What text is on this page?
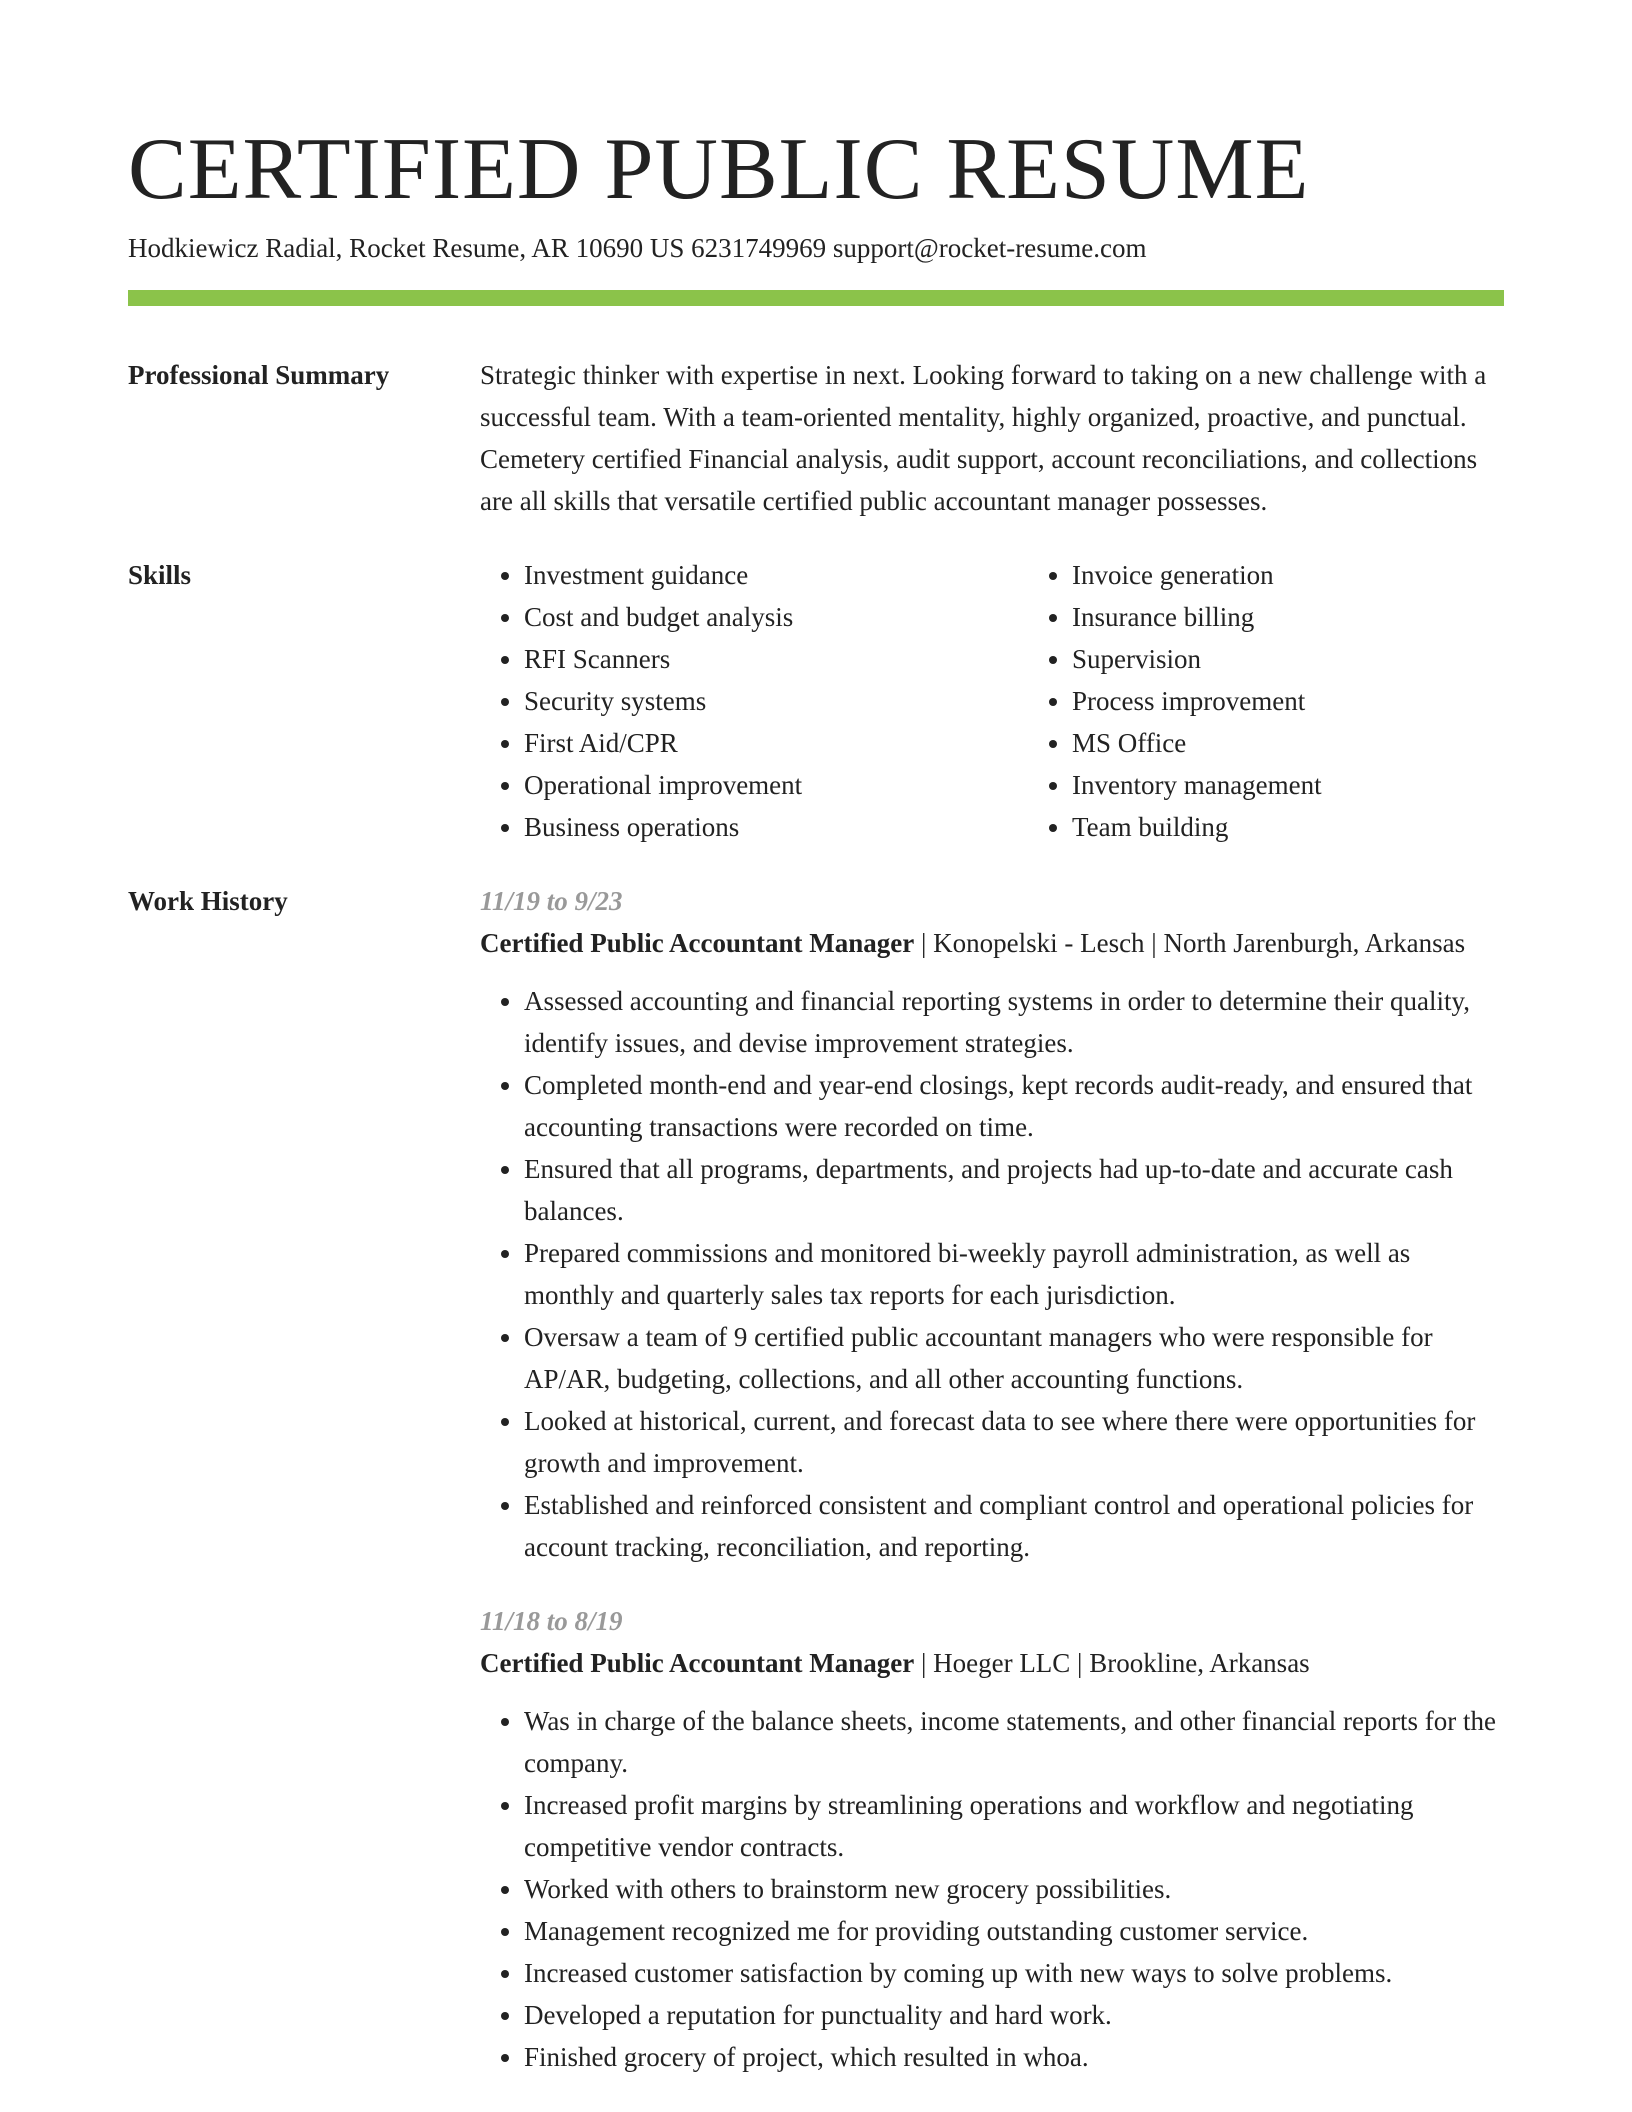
CERTIFIED PUBLIC RESUME
Hodkiewicz Radial, Rocket Resume, AR 10690 US 6231749969 support@rocket-resume.com
Professional Summary	Strategic thinker with expertise in next. Looking forward to taking on a new challenge with a successful team. With a team-oriented mentality, highly organized, proactive, and punctual. Cemetery certified Financial analysis, audit support, account reconciliations, and collections are all skills that versatile certified public accountant manager possesses.
Skills
•	Investment guidance
• Cost and budget analysis
• RFI Scanners
• Security systems
• First Aid/CPR
• Operational improvement
• Business operations
• Invoice generation
• Insurance billing
• Supervision
• Process improvement
• MS Office
• Inventory management
• Team building
Work History	11/19 to 9/23
Certified Public Accountant Manager | Konopelski - Lesch | North Jarenburgh, Arkansas
• Assessed accounting and financial reporting systems in order to determine their quality, identify issues, and devise improvement strategies.
• Completed month-end and year-end closings, kept records audit-ready, and ensured that accounting transactions were recorded on time.
• Ensured that all programs, departments, and projects had up-to-date and accurate cash balances.
• Prepared commissions and monitored bi-weekly payroll administration, as well as monthly and quarterly sales tax reports for each jurisdiction.
• Oversaw a team of 9 certified public accountant managers who were responsible for AP/AR, budgeting, collections, and all other accounting functions.
• Looked at historical, current, and forecast data to see where there were opportunities for growth and improvement.
• Established and reinforced consistent and compliant control and operational policies for account tracking, reconciliation, and reporting.
11/18 to 8/19
Certified Public Accountant Manager | Hoeger LLC | Brookline, Arkansas
• Was in charge of the balance sheets, income statements, and other financial reports for the company.
• Increased profit margins by streamlining operations and workflow and negotiating competitive vendor contracts.
• Worked with others to brainstorm new grocery possibilities.
• Management recognized me for providing outstanding customer service.
• Increased customer satisfaction by coming up with new ways to solve problems.
• Developed a reputation for punctuality and hard work.
• Finished grocery of project, which resulted in whoa.
